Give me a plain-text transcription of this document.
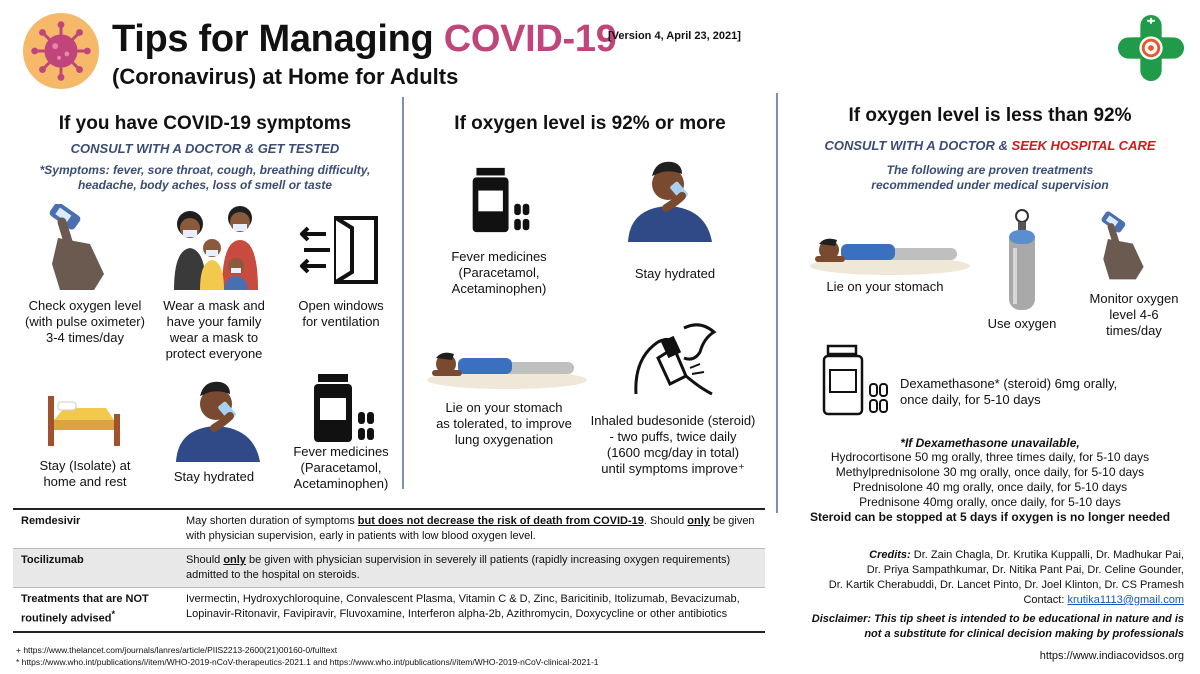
Tips for Managing COVID-19
(Coronavirus) at Home for Adults
[Version 4, April 23, 2021]
If you have COVID-19 symptoms
CONSULT WITH A DOCTOR & GET TESTED
*Symptoms: fever, sore throat, cough, breathing difficulty,
headache, body aches, loss of smell or taste
Check oxygen level
(with pulse oximeter)
3-4 times/day
Wear a mask and
have your family
wear a mask to
protect everyone
Open windows
for ventilation
Stay (Isolate) at
home and rest	Stay hydrated
Fever medicines
(Paracetamol,
Acetaminophen)
If oxygen level is 92% or more
Fever medicines
(Paracetamol,
Acetaminophen)
Stay hydrated
Lie on your stomach
as tolerated, to improve
lung oxygenation
Inhaled budesonide (steroid)
- two puffs, twice daily
(1600 mcg/day in total)
until symptoms improve⁺
If oxygen level is less than 92%
CONSULT WITH A DOCTOR & SEEK HOSPITAL CARE
The following are proven treatments
recommended under medical supervision
Lie on your stomach
Use oxygen
Monitor oxygen
level 4-6
times/day
Dexamethasone* (steroid) 6mg orally,
once daily, for 5-10 days
*If Dexamethasone unavailable,
Hydrocortisone 50 mg orally, three times daily, for 5-10 days
Methylprednisolone 30 mg orally, once daily, for 5-10 days
Prednisolone 40 mg orally, once daily, for 5-10 days
Prednisone 40mg orally, once daily, for 5-10 days
Steroid can be stopped at 5 days if oxygen is no longer needed
Credits: Dr. Zain Chagla, Dr. Krutika Kuppalli, Dr. Madhukar Pai,
Dr. Priya Sampathkumar, Dr. Nitika Pant Pai, Dr. Celine Gounder,
Dr. Kartik Cherabuddi, Dr. Lancet Pinto, Dr. Joel Klinton, Dr. CS Pramesh
Contact: krutika1113@gmail.com
Disclaimer: This tip sheet is intended to be educational in nature and is
not a substitute for clinical decision making by professionals
https://www.indiacovidsos.org
Remdesivir	May shorten duration of symptoms but does not decrease the risk of death from COVID-19. Should only be given with physician supervision, early in patients with low blood oxygen level.
Tocilizumab	Should only be given with physician supervision in severely ill patients (rapidly increasing oxygen requirements) admitted to the hospital on steroids.
Treatments that are NOT routinely advised*	Ivermectin, Hydroxychloroquine, Convalescent Plasma, Vitamin C & D, Zinc, Baricitinib, Itolizumab, Bevacizumab, Lopinavir-Ritonavir, Favipiravir, Fluvoxamine, Interferon alpha-2b, Azithromycin, Doxycycline or other antibiotics
+ https://www.thelancet.com/journals/lanres/article/PIIS2213-2600(21)00160-0/fulltext
* https://www.who.int/publications/i/item/WHO-2019-nCoV-therapeutics-2021.1 and https://www.who.int/publications/i/item/WHO-2019-nCoV-clinical-2021-1
